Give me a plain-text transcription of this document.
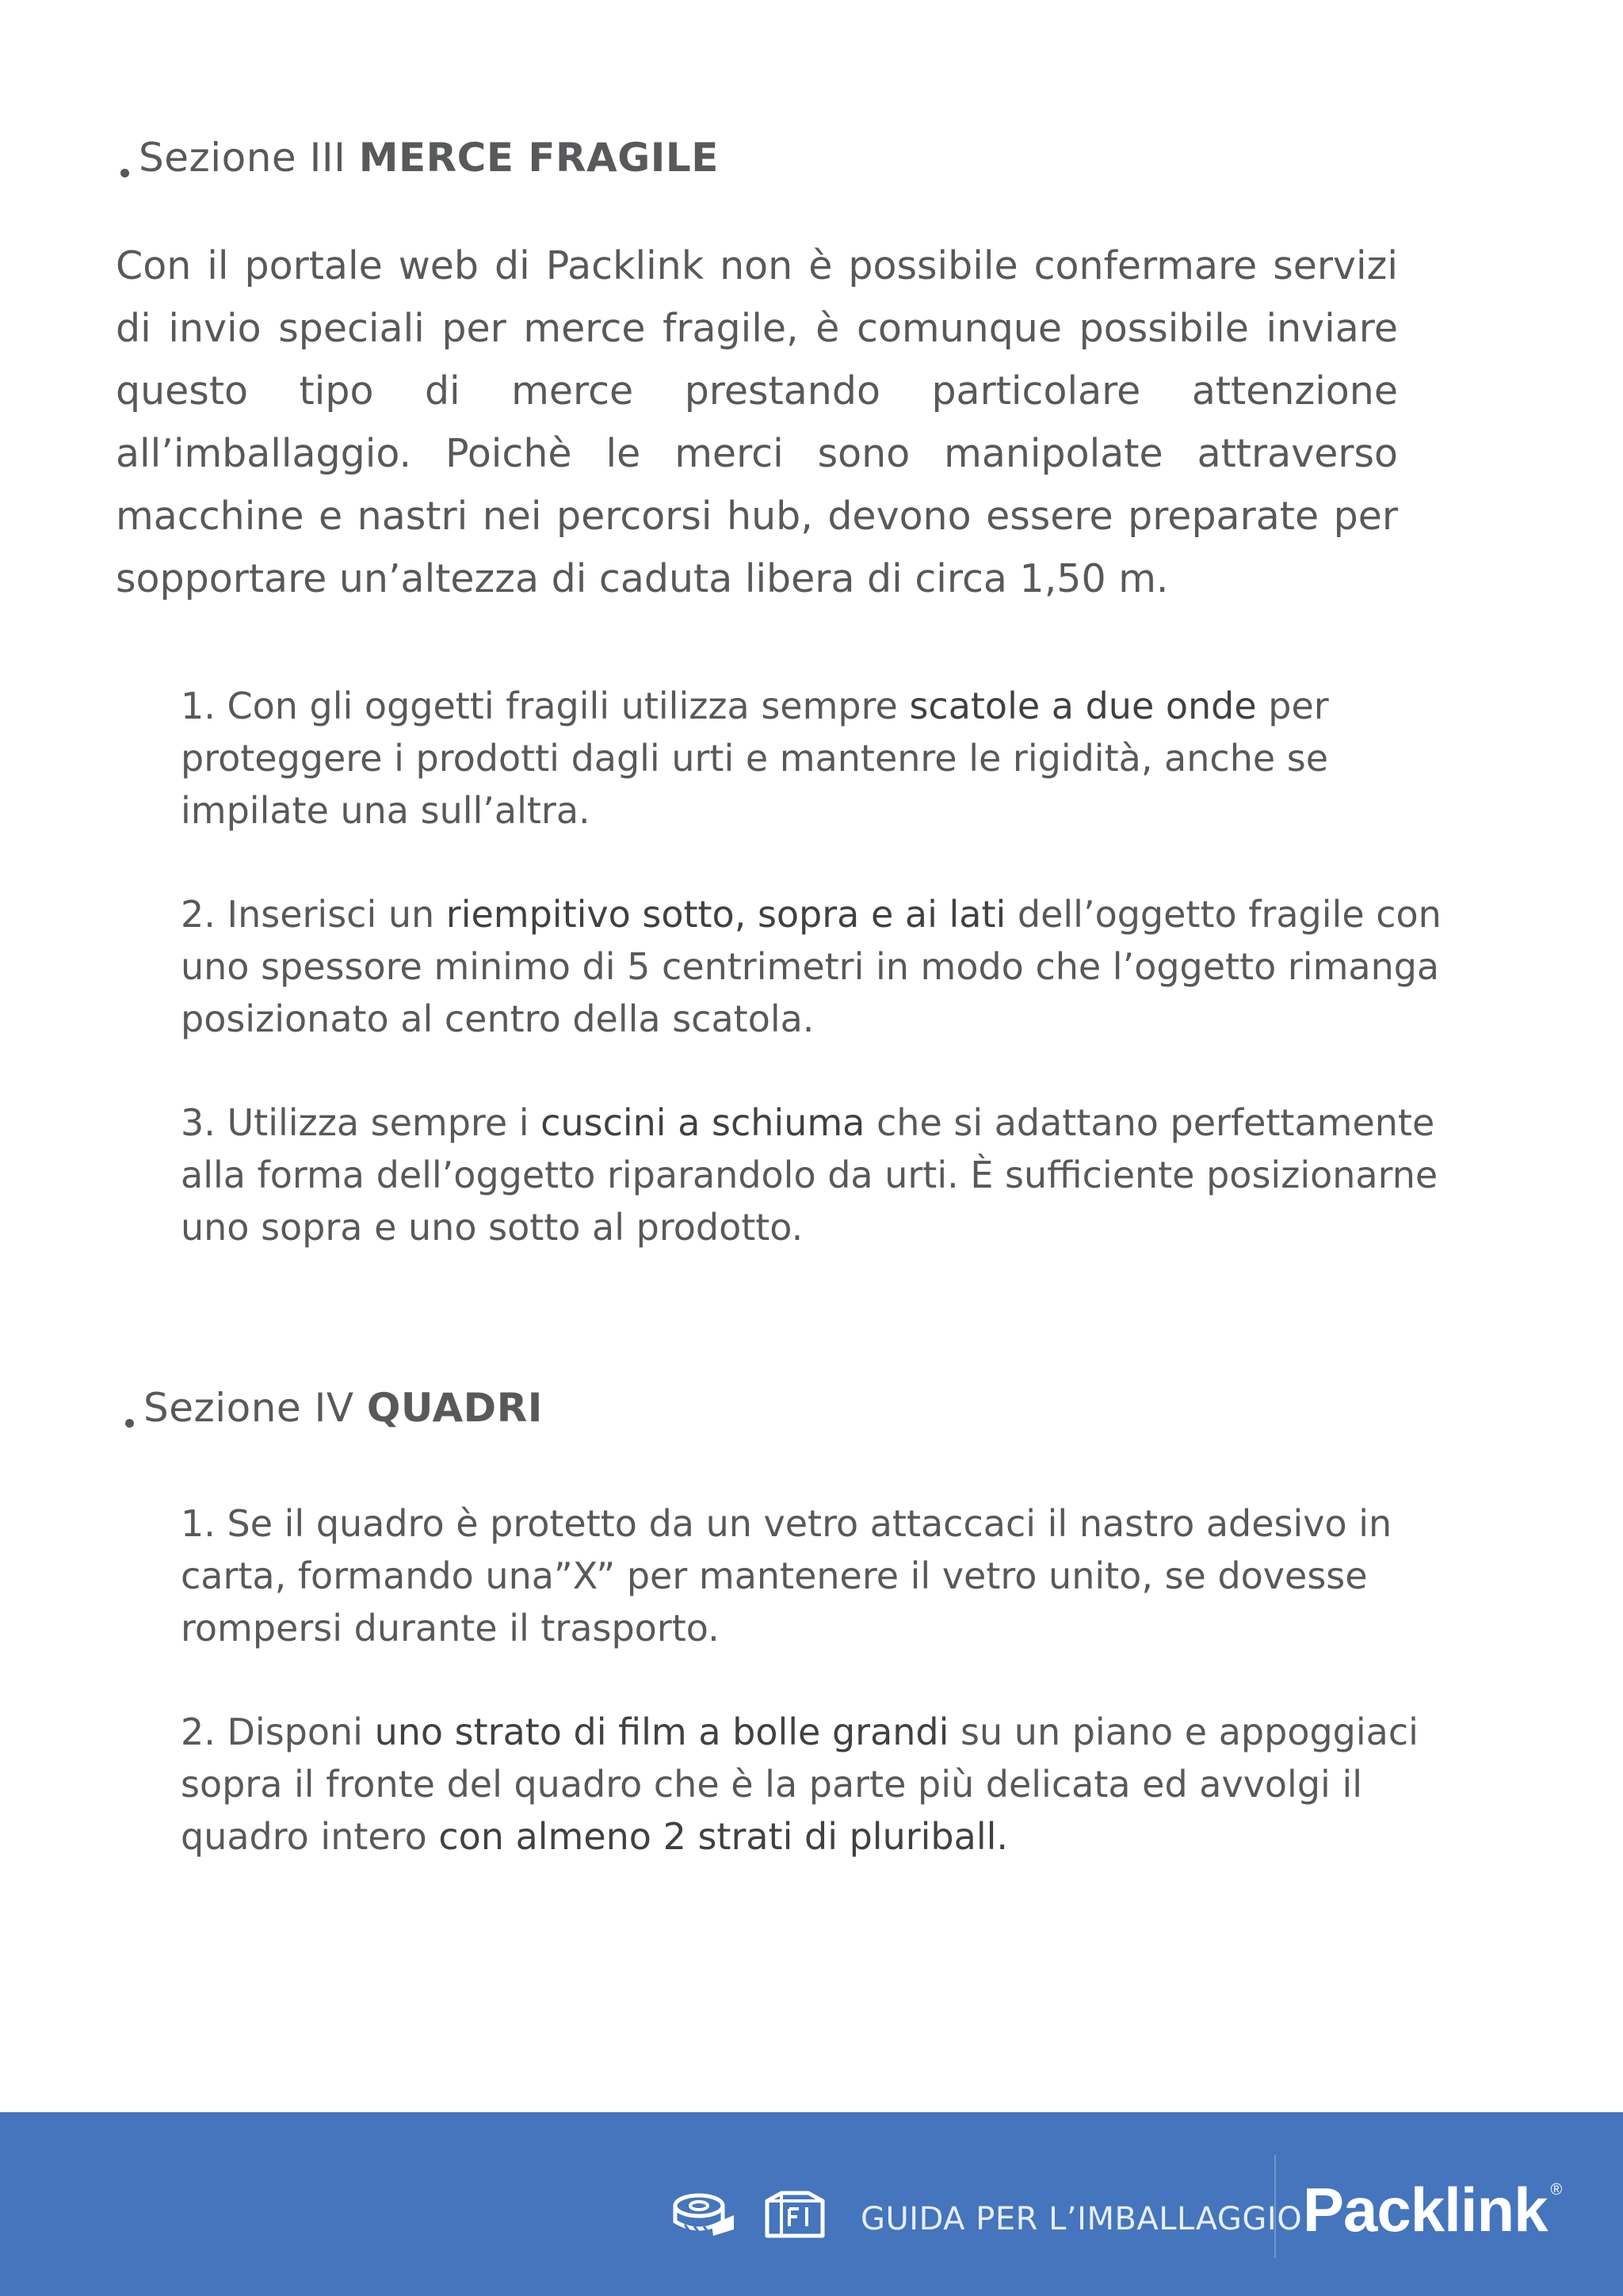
Sezione III MERCE FRAGILE

Con il portale web di Packlink non è possibile confermare servizi di invio speciali per merce fragile, è comunque possibile inviare questo tipo di merce prestando particolare attenzione all’imballaggio. Poichè le merci sono manipolate attraverso macchine e nastri nei percorsi hub, devono essere preparate per sopportare un’altezza di caduta libera di circa 1,50 m.

1. Con gli oggetti fragili utilizza sempre scatole a due onde per proteggere i prodotti dagli urti e mantenre le rigidità, anche se impilate una sull’altra.

2. Inserisci un riempitivo sotto, sopra e ai lati dell’oggetto fragile con uno spessore minimo di 5 centrimetri in modo che l’oggetto rimanga posizionato al centro della scatola.

3. Utilizza sempre i cuscini a schiuma che si adattano perfettamente alla forma dell’oggetto riparandolo da urti. È sufficiente posizionarne uno sopra e uno sotto al prodotto.

Sezione IV QUADRI

1. Se il quadro è protetto da un vetro attaccaci il nastro adesivo in carta, formando una”X” per mantenere il vetro unito, se dovesse rompersi durante il trasporto.

2. Disponi uno strato di film a bolle grandi su un piano e appoggiaci sopra il fronte del quadro che è la parte più delicata ed avvolgi il quadro intero con almeno 2 strati di pluriball.

GUIDA PER L’IMBALLAGGIO Packlink ®
